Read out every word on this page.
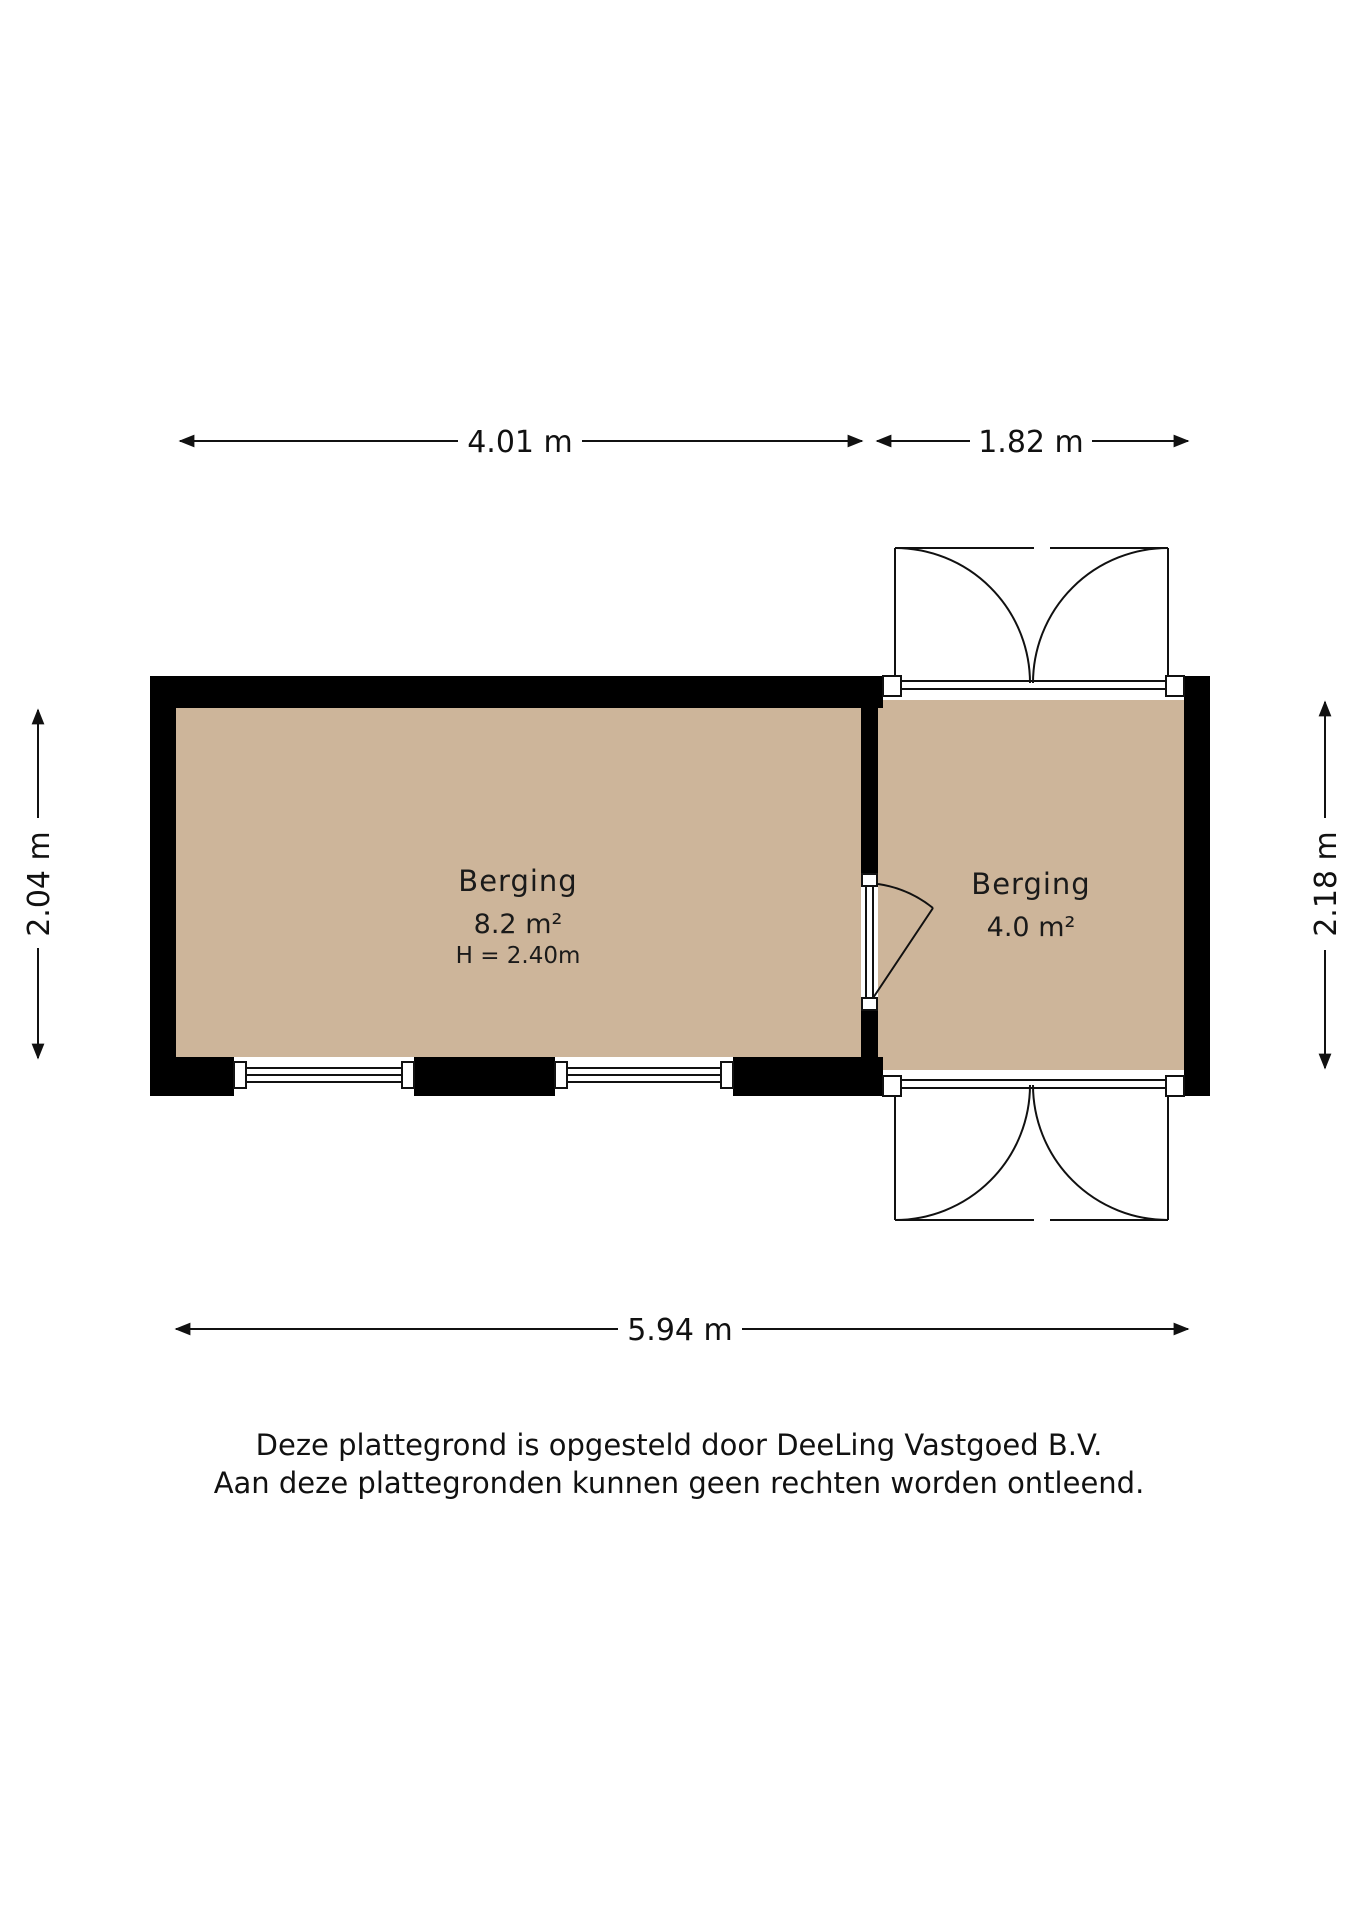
Berging
8.2 m²
H = 2.40m
Berging
4.0 m²
4.01 m	1.82 m
2.04 m	2.18 m
5.94 m
Deze plattegrond is opgesteld door DeeLing Vastgoed B.V.
Aan deze plattegronden kunnen geen rechten worden ontleend.
